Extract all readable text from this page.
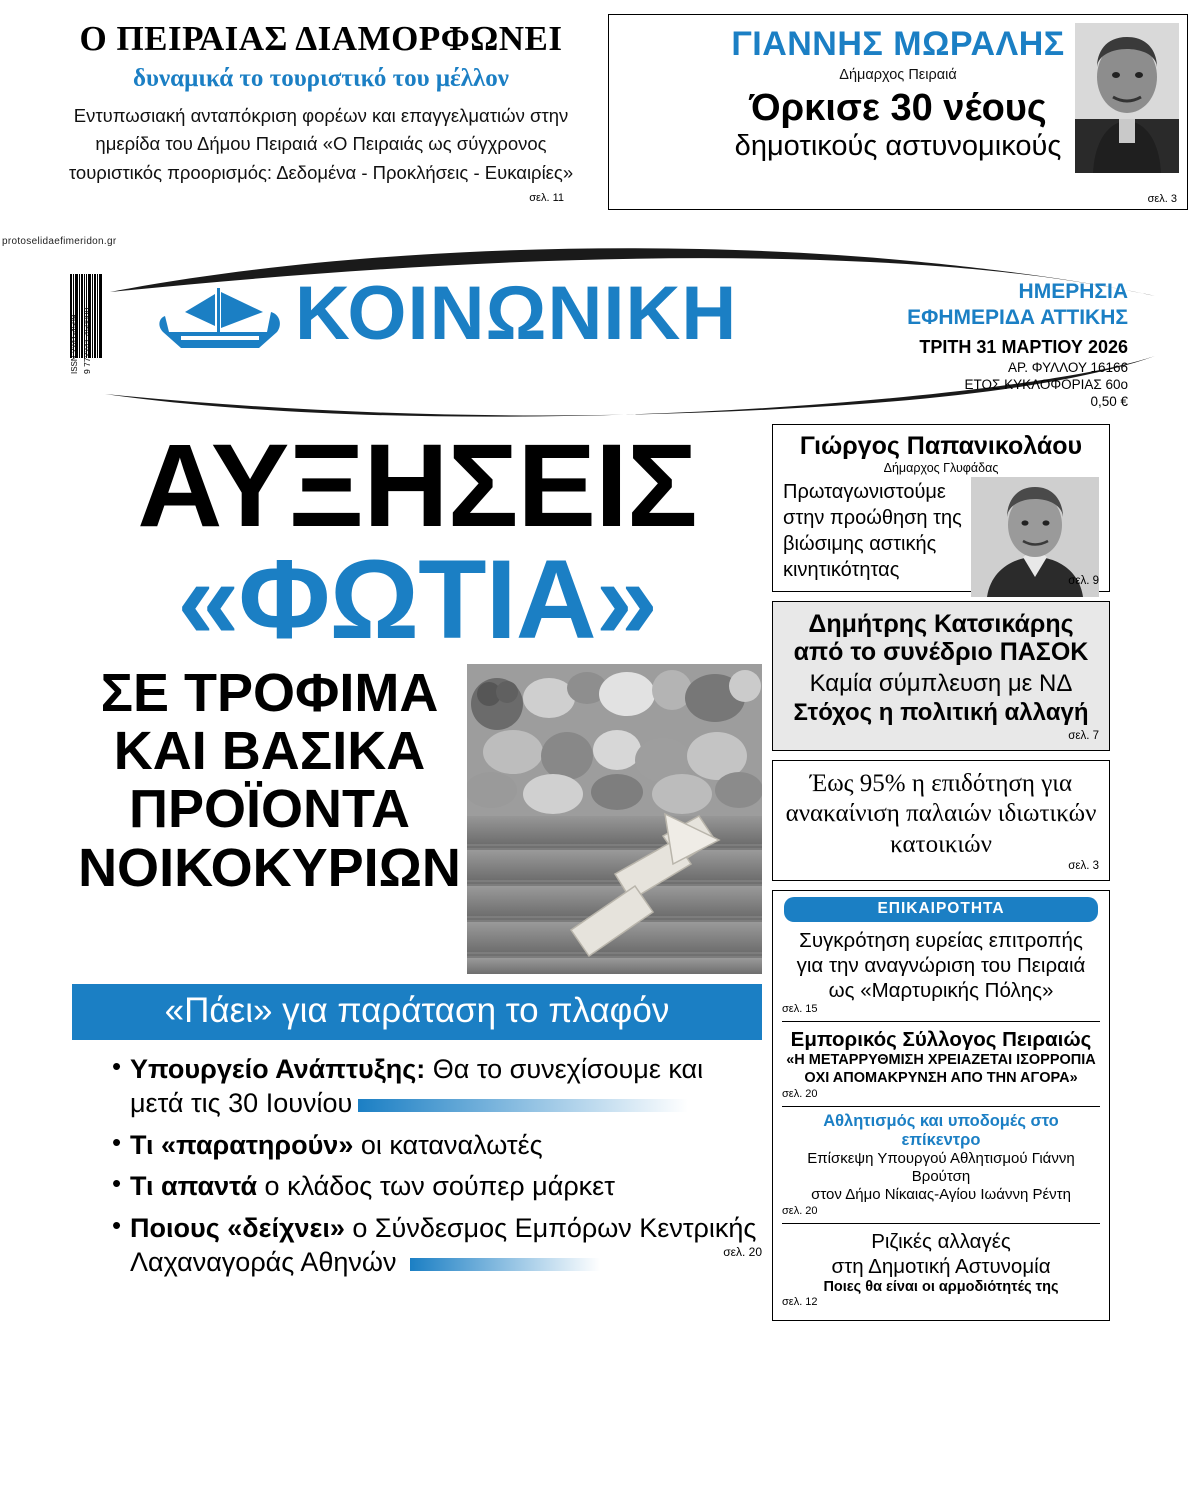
Ο ΠΕΙΡΑΙΑΣ ΔΙΑΜΟΡΦΩΝΕΙ
δυναμικά το τουριστικό του μέλλον
Εντυπωσιακή ανταπόκριση φορέων και επαγγελματιών στην ημερίδα του Δήμου Πειραιά «Ο Πειραιάς ως σύγχρονος τουριστικός προορισμός: Δεδομένα - Προκλήσεις - Ευκαιρίες»
σελ. 11
ΓΙΑΝΝΗΣ ΜΩΡΑΛΗΣ
Δήμαρχος Πειραιά
Όρκισε 30 νέους
δημοτικούς αστυνομικούς
σελ. 3
protoselidaefimeridon.gr
9 772241 450000
ISSN 2241-4509	ΚΟΙΝΩΝΙΚΗ	ΗΜΕΡΗΣΙΑ
ΕΦΗΜΕΡΙΔΑ ΑΤΤΙΚΗΣ
ΤΡΙΤΗ 31 ΜΑΡΤΙΟΥ 2026
ΑΡ. ΦΥΛΛΟΥ 16166
ΕΤΟΣ ΚΥΚΛΟΦΟΡΙΑΣ 60ο
0,50 €
ΑΥΞΗΣΕΙΣ
«ΦΩΤΙΑ»
ΣΕ ΤΡΟΦΙΜΑ ΚΑΙ ΒΑΣΙΚΑ ΠΡΟΪΟΝΤΑ ΝΟΙΚΟΚΥΡΙΩΝ
«Πάει» για παράταση το πλαφόν
• Υπουργείο Ανάπτυξης: Θα το συνεχίσουμε και μετά τις 30 Ιουνίου
• Τι «παρατηρούν» οι καταναλωτές
• Τι απαντά ο κλάδος των σούπερ μάρκετ
• Ποιους «δείχνει» ο Σύνδεσμος Εμπόρων Κεντρικής Λαχαναγοράς Αθηνών	σελ. 20
Γιώργος Παπανικολάου
Δήμαρχος Γλυφάδας
Πρωταγωνιστούμε στην προώθηση της βιώσιμης αστικής κινητικότητας	σελ. 9
Δημήτρης Κατσικάρης
από το συνέδριο ΠΑΣΟΚ
Καμία σύμπλευση με ΝΔ
Στόχος η πολιτική αλλαγή
σελ. 7
Έως 95% η επιδότηση για ανακαίνιση παλαιών ιδιωτικών κατοικιών
σελ. 3
ΕΠΙΚΑΙΡΟΤΗΤΑ
Συγκρότηση ευρείας επιτροπής
για την αναγνώριση του Πειραιά
ως «Μαρτυρικής Πόλης»
σελ. 15
Εμπορικός Σύλλογος Πειραιώς
«Η ΜΕΤΑΡΡΥΘΜΙΣΗ ΧΡΕΙΑΖΕΤΑΙ ΙΣΟΡΡΟΠΙΑ
ΟΧΙ ΑΠΟΜΑΚΡΥΝΣΗ ΑΠΟ ΤΗΝ ΑΓΟΡΑ»
σελ. 20
Αθλητισμός και υποδομές στο επίκεντρο
Επίσκεψη Υπουργού Αθλητισμού Γιάννη Βρούτση
στον Δήμο Νίκαιας-Αγίου Ιωάννη Ρέντη
σελ. 20
Ριζικές αλλαγές
στη Δημοτική Αστυνομία
Ποιες θα είναι οι αρμοδιότητές της
σελ. 12
